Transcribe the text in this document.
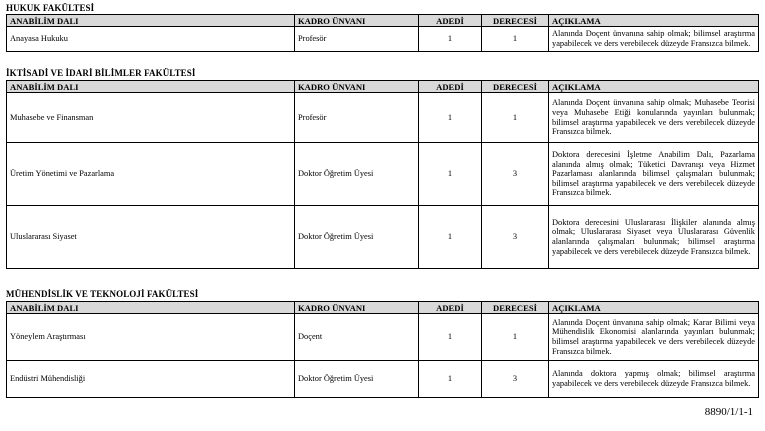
HUKUK FAKÜLTESİ
ANABİLİM DALI	KADRO ÜNVANI	ADEDİ	DERECESİ	AÇIKLAMA
Anayasa Hukuku	Profesör	1	1	Alanında Doçent ünvanına sahip olmak; bilimsel araştırma yapabilecek ve ders verebilecek düzeyde Fransızca bilmek.
İKTİSADİ VE İDARİ BİLİMLER FAKÜLTESİ
ANABİLİM DALI	KADRO ÜNVANI	ADEDİ	DERECESİ	AÇIKLAMA
Muhasebe ve Finansman	Profesör	1	1	Alanında Doçent ünvanına sahip olmak; Muhasebe Teorisi veya Muhasebe Etiği konularında yayınları bulunmak; bilimsel araştırma yapabilecek ve ders verebilecek düzeyde Fransızca bilmek.
Üretim Yönetimi ve Pazarlama	Doktor Öğretim Üyesi	1	3	Doktora derecesini İşletme Anabilim Dalı, Pazarlama alanında almış olmak; Tüketici Davranışı veya Hizmet Pazarlaması alanlarında bilimsel çalışmaları bulunmak; bilimsel araştırma yapabilecek ve ders verebilecek düzeyde Fransızca bilmek.
Uluslararası Siyaset	Doktor Öğretim Üyesi	1	3	Doktora derecesini Uluslararası İlişkiler alanında almış olmak; Uluslararası Siyaset veya Uluslararası Güvenlik alanlarında çalışmaları bulunmak; bilimsel araştırma yapabilecek ve ders verebilecek düzeyde Fransızca bilmek.
MÜHENDİSLİK VE TEKNOLOJİ FAKÜLTESİ
ANABİLİM DALI	KADRO ÜNVANI	ADEDİ	DERECESİ	AÇIKLAMA
Yöneylem Araştırması	Doçent	1	1	Alanında Doçent ünvanına sahip olmak; Karar Bilimi veya Mühendislik Ekonomisi alanlarında yayınları bulunmak; bilimsel araştırma yapabilecek ve ders verebilecek düzeyde Fransızca bilmek.
Endüstri Mühendisliği	Doktor Öğretim Üyesi	1	3	Alanında doktora yapmış olmak; bilimsel araştırma yapabilecek ve ders verebilecek düzeyde Fransızca bilmek.
8890/1/1-1
